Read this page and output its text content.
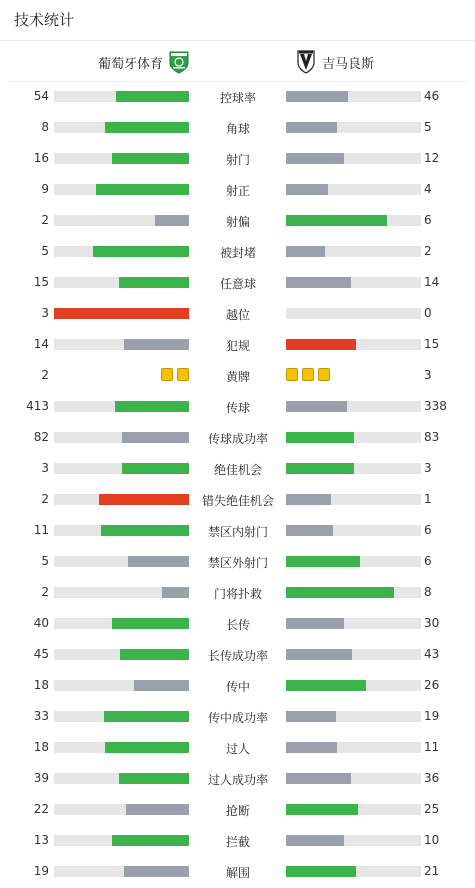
技术统计
葡萄牙体育	吉马良斯
54	控球率	46
8	角球	5
16	射门	12
9	射正	4
2	射偏	6
5	被封堵	2
15	任意球	14
3	越位	0
14	犯规	15
2	黄牌	3
413	传球	338
82	传球成功率	83
3	绝佳机会	3
2	错失绝佳机会	1
11	禁区内射门	6
5	禁区外射门	6
2	门将扑救	8
40	长传	30
45	长传成功率	43
18	传中	26
33	传中成功率	19
18	过人	11
39	过人成功率	36
22	抢断	25
13	拦截	10
19	解围	21
